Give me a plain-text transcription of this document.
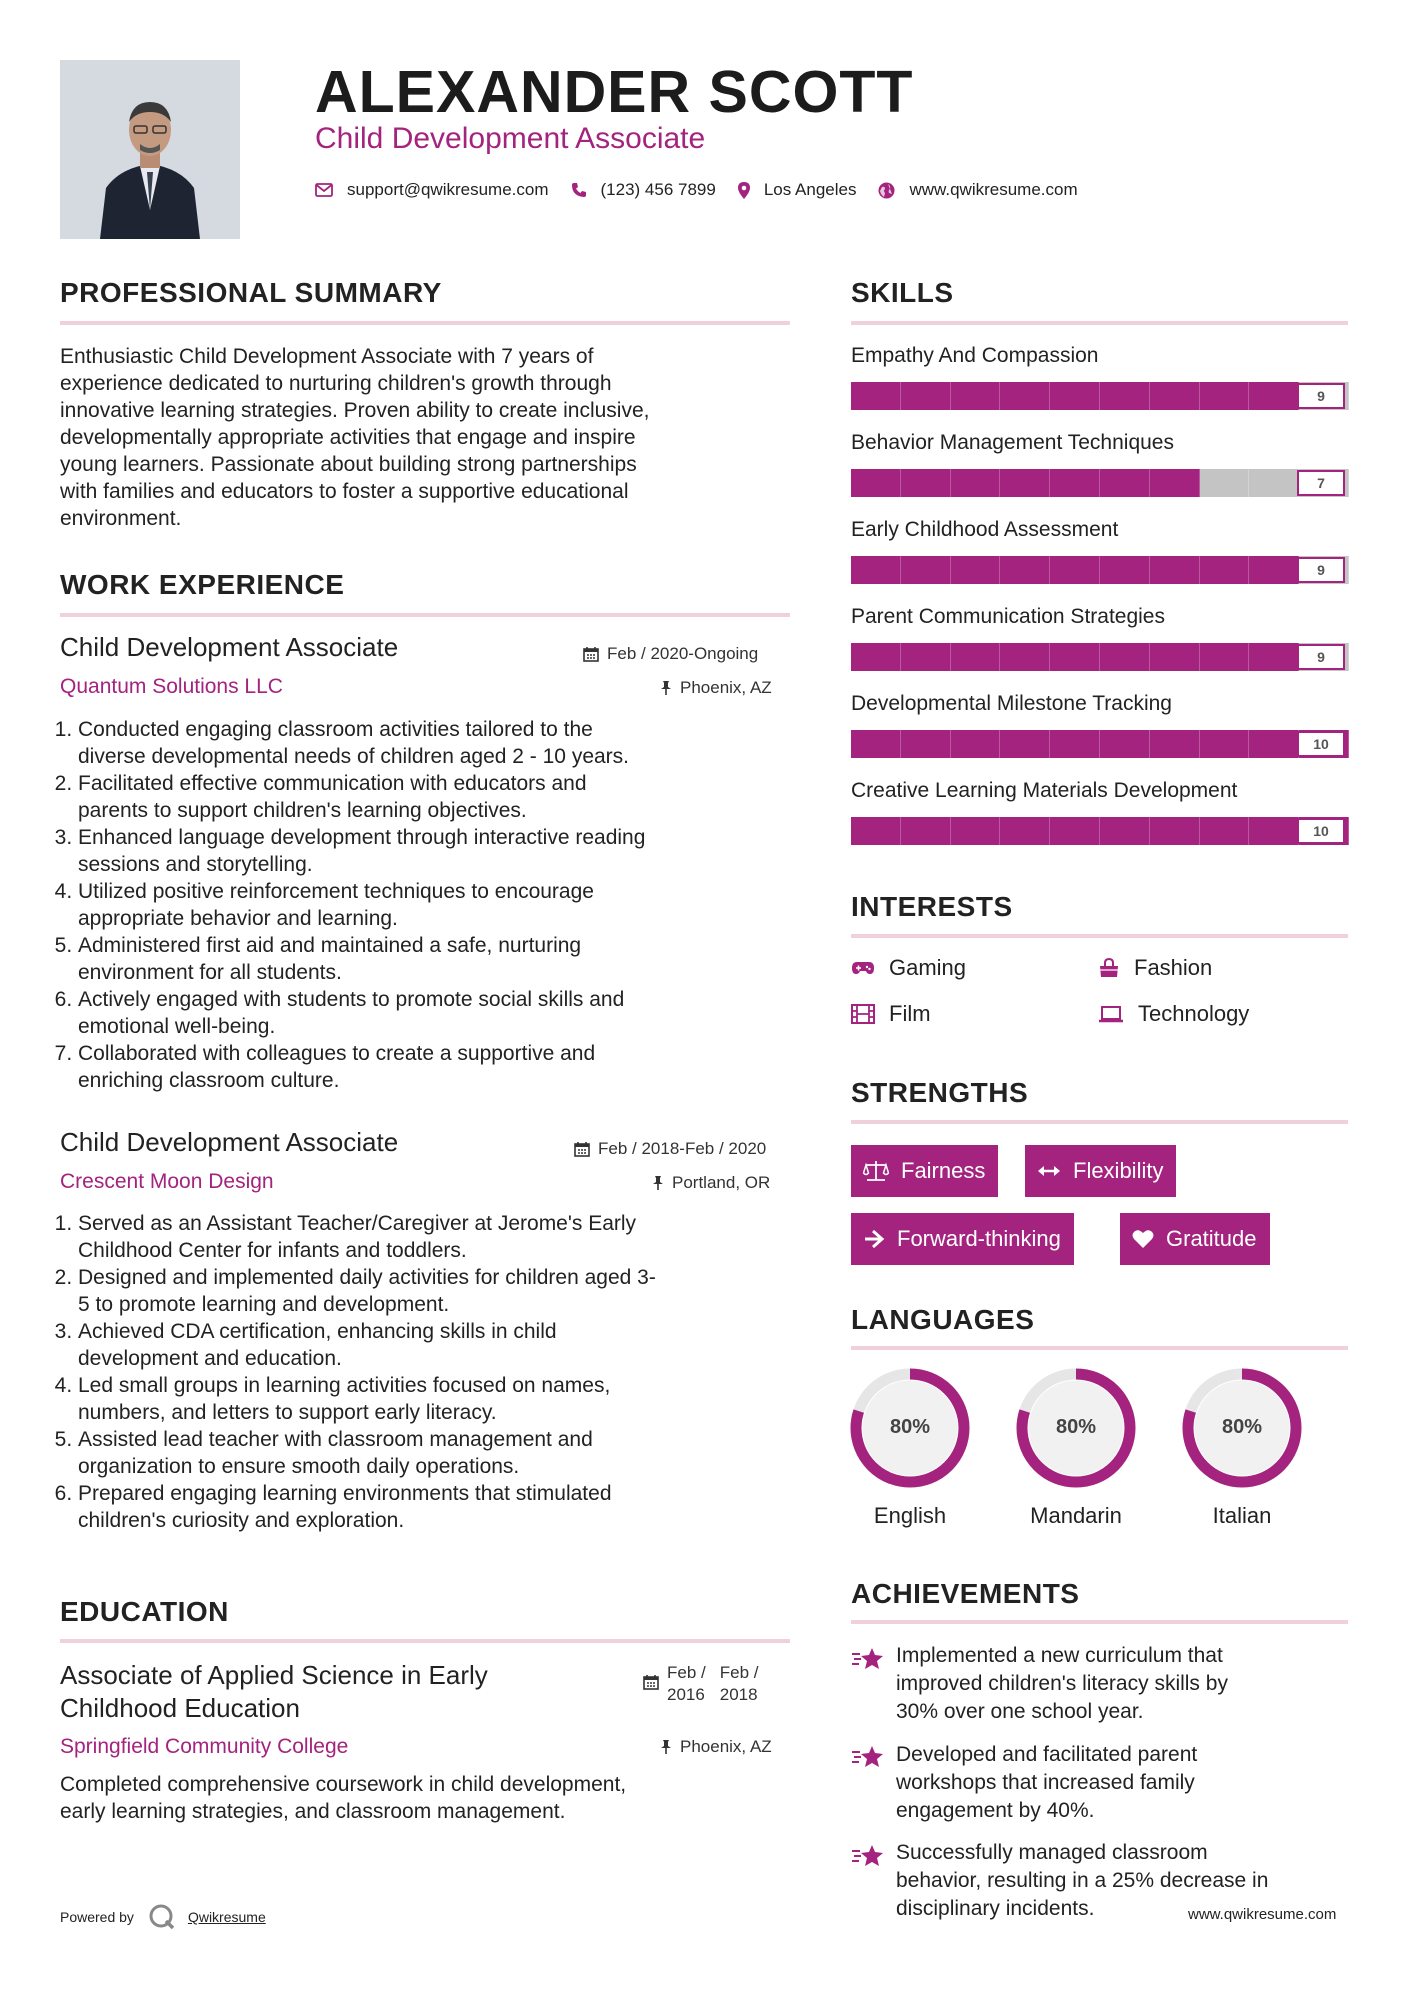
ALEXANDER SCOTT
Child Development Associate
support@qwikresume.com	(123) 456 7899	Los Angeles	www.qwikresume.com
PROFESSIONAL SUMMARY
Enthusiastic Child Development Associate with 7 years of
experience dedicated to nurturing children's growth through
innovative learning strategies. Proven ability to create inclusive,
developmentally appropriate activities that engage and inspire
young learners. Passionate about building strong partnerships
with families and educators to foster a supportive educational
environment.
WORK EXPERIENCE
Child Development Associate	Feb / 2020-Ongoing
Quantum Solutions LLC	Phoenix, AZ
1. Conducted engaging classroom activities tailored to the
diverse developmental needs of children aged 2 - 10 years.
2. Facilitated effective communication with educators and
parents to support children's learning objectives.
3. Enhanced language development through interactive reading
sessions and storytelling.
4. Utilized positive reinforcement techniques to encourage
appropriate behavior and learning.
5. Administered first aid and maintained a safe, nurturing
environment for all students.
6. Actively engaged with students to promote social skills and
emotional well-being.
7. Collaborated with colleagues to create a supportive and
enriching classroom culture.
Child Development Associate	Feb / 2018-Feb / 2020
Crescent Moon Design	Portland, OR
1. Served as an Assistant Teacher/Caregiver at Jerome's Early
Childhood Center for infants and toddlers.
2. Designed and implemented daily activities for children aged 3-
5 to promote learning and development.
3. Achieved CDA certification, enhancing skills in child
development and education.
4. Led small groups in learning activities focused on names,
numbers, and letters to support early literacy.
5. Assisted lead teacher with classroom management and
organization to ensure smooth daily operations.
6. Prepared engaging learning environments that stimulated
children's curiosity and exploration.
EDUCATION
Associate of Applied Science in Early
Childhood Education
Feb /
2016
Feb /
2018
Springfield Community College	Phoenix, AZ
Completed comprehensive coursework in child development,
early learning strategies, and classroom management.
SKILLS
Empathy And Compassion
9
Behavior Management Techniques
7
Early Childhood Assessment
9
Parent Communication Strategies
9
Developmental Milestone Tracking
10
Creative Learning Materials Development
10
INTERESTS
Gaming	Fashion
Film	Technology
STRENGTHS
Fairness	Flexibility
Forward-thinking	Gratitude
LANGUAGES
80%
English
80%
Mandarin
80%
Italian
ACHIEVEMENTS
Implemented a new curriculum that
improved children's literacy skills by
30% over one school year.
Developed and facilitated parent
workshops that increased family
engagement by 40%.
Successfully managed classroom
behavior, resulting in a 25% decrease in
disciplinary incidents.
Powered by	Qwikresume	www.qwikresume.com
